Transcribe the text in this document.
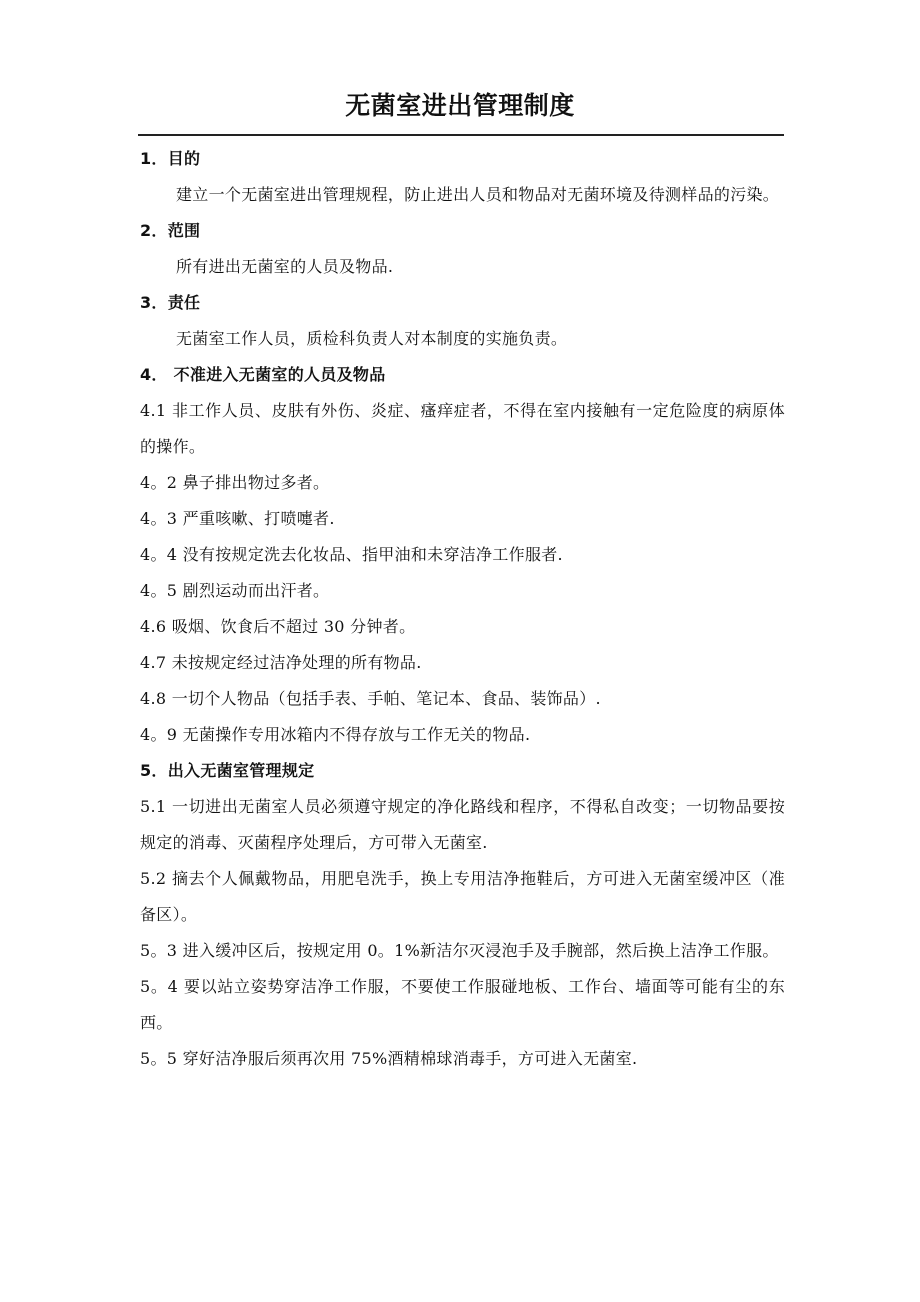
无菌室进出管理制度
1．目的
建立一个无菌室进出管理规程，防止进出人员和物品对无菌环境及待测样品的污染。
2．范围
所有进出无菌室的人员及物品.
3．责任
无菌室工作人员，质检科负责人对本制度的实施负责。
4． 不准进入无菌室的人员及物品
4.1 非工作人员、皮肤有外伤、炎症、瘙痒症者，不得在室内接触有一定危险度的病原体的操作。
4。2 鼻子排出物过多者。
4。3 严重咳嗽、打喷嚏者.
4。4 没有按规定洗去化妆品、指甲油和未穿洁净工作服者.
4。5 剧烈运动而出汗者。
4.6 吸烟、饮食后不超过 30 分钟者。
4.7 未按规定经过洁净处理的所有物品.
4.8 一切个人物品（包括手表、手帕、笔记本、食品、装饰品）.
4。9 无菌操作专用冰箱内不得存放与工作无关的物品.
5．出入无菌室管理规定
5.1 一切进出无菌室人员必须遵守规定的净化路线和程序，不得私自改变；一切物品要按规定的消毒、灭菌程序处理后，方可带入无菌室.
5.2 摘去个人佩戴物品，用肥皂洗手，换上专用洁净拖鞋后，方可进入无菌室缓冲区（准备区）。
5。3 进入缓冲区后，按规定用 0。1%新洁尔灭浸泡手及手腕部，然后换上洁净工作服。
5。4 要以站立姿势穿洁净工作服，不要使工作服碰地板、工作台、墙面等可能有尘的东西。
5。5 穿好洁净服后须再次用 75%酒精棉球消毒手，方可进入无菌室.
